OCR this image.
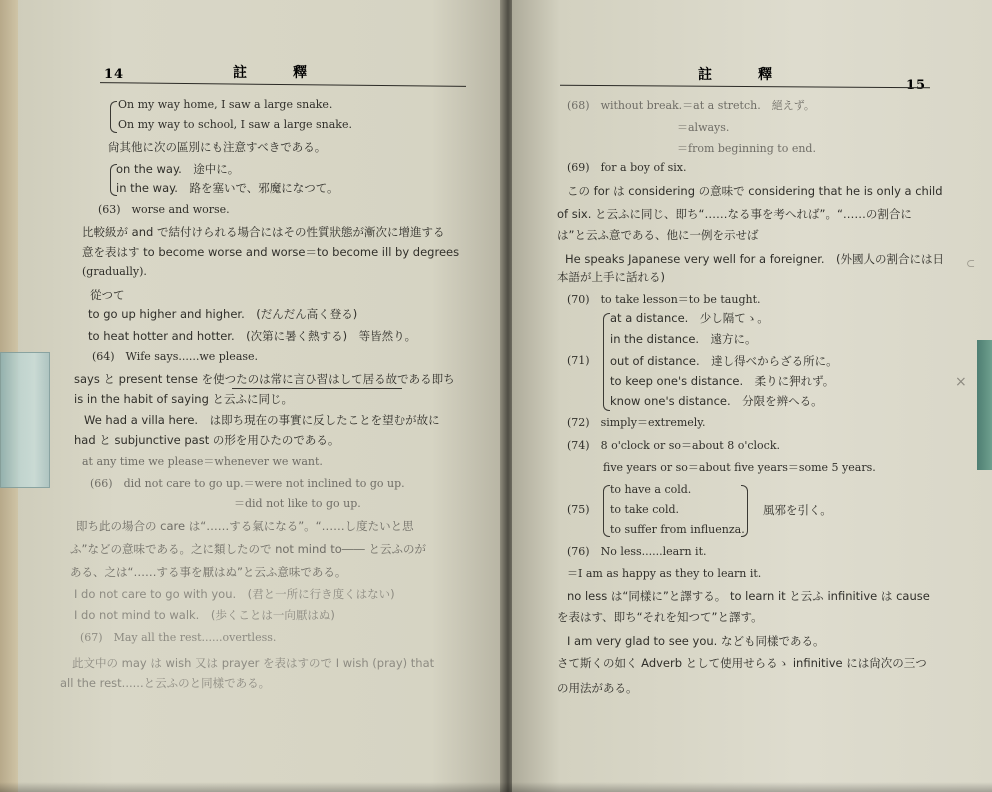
14	註　　　釋
On my way home, I saw a large snake.
On my way to school, I saw a large snake.
尙其他に次の區別にも注意すべきである。
on the way.　途中に。
in the way.　路を塞いで、邪魔になつて。
(63)　worse and worse.
比較級が and で結付けられる場合にはその性質狀態が漸次に增進する
意を表はす to become worse and worse＝to become ill by degrees
(gradually).
從つて
to go up higher and higher.　(だんだん高く登る)
to heat hotter and hotter.　(次第に暑く熱する)　等皆然り。
(64)　Wife says......we please.
says と present tense を使つたのは常に言ひ習はして居る故である即ち
is in the habit of saying と云ふに同じ。
We had a villa here.　は即ち現在の事實に反したことを望むが故に
had と subjunctive past の形を用ひたのである。
at any time we please＝whenever we want.
(66)　did not care to go up.＝were not inclined to go up.
＝did not like to go up.
即ち此の場合の care は“……する氣になる”。“……し度たいと思
ふ”などの意味である。之に類したので not mind to―― と云ふのが
ある、之は“……する事を厭はぬ”と云ふ意味である。
I do not care to go with you.　(君と一所に行き度くはない)
I do not mind to walk.　(歩くことは一向厭はぬ)
(67)　May all the rest......overtless.
此文中の may は wish 又は prayer を表はすので I wish (pray) that
all the rest......と云ふのと同樣である。
註　　　釋
15
(68)　without break.＝at a stretch.　絕えず。
＝always.
＝from beginning to end.
(69)　for a boy of six.
この for は considering の意味で considering that he is only a child
of six. と云ふに同じ、即ち“……なる事を考へれば”。“……の割合に
は”と云ふ意である、他に一例を示せば
He speaks Japanese very well for a foreigner.　(外國人の割合には日
本語が上手に話れる)
(70)　to take lesson＝to be taught.
at a distance.　少し隔てゝ。
in the distance.　遠方に。
(71) out of distance.　達し得べからざる所に。
to keep one's distance.　柔りに狎れず。
know one's distance.　分限を辨へる。
(72)　simply＝extremely.
(74)　8 o'clock or so＝about 8 o'clock.
five years or so＝about five years＝some 5 years.
to have a cold.
(75) to take cold.	風邪を引く。
to suffer from influenza.
(76)　No less......learn it.
＝I am as happy as they to learn it.
no less は“同樣に”と譯する。 to learn it と云ふ infinitive は cause
を表はす、即ち“それを知つて”と譯す。
I am very glad to see you. なども同樣である。
さて斯くの如く Adverb として使用せらるゝ infinitive には尙次の三つ
の用法がある。
×
⊂
